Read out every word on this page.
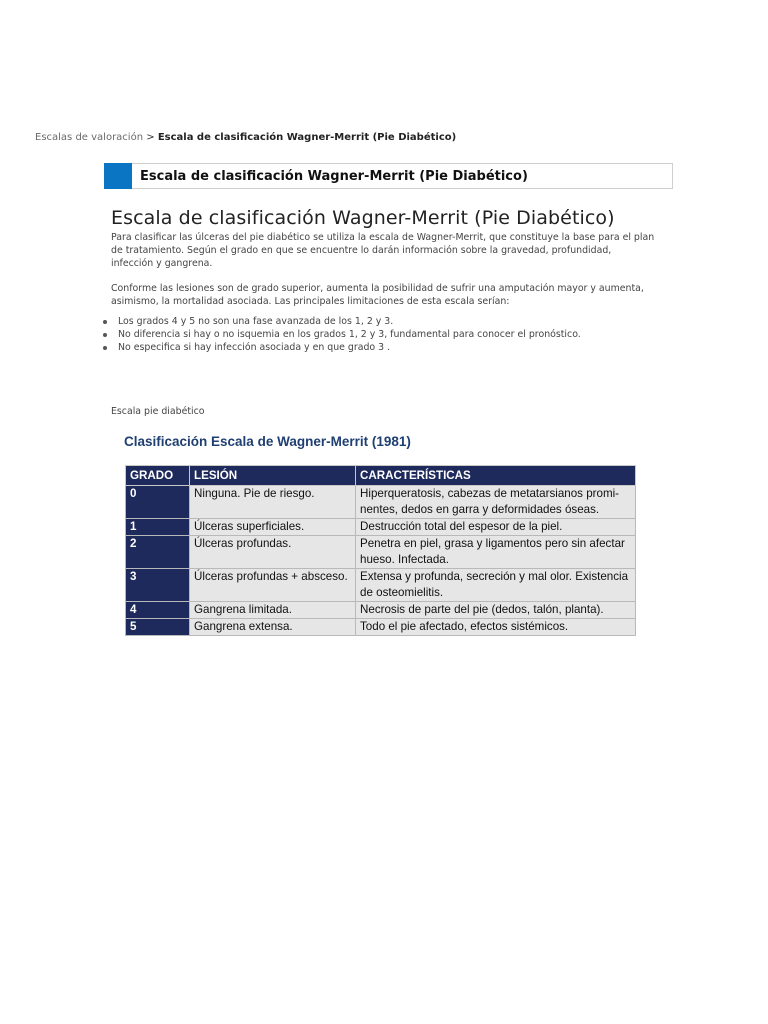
Escalas de valoración > Escala de clasificación Wagner-Merrit (Pie Diabético)
Escala de clasificación Wagner-Merrit (Pie Diabético)
Escala de clasificación Wagner-Merrit (Pie Diabético)

Para clasificar las úlceras del pie diabético se utiliza la escala de Wagner-Merrit, que constituye la base para el plan de tratamiento. Según el grado en que se encuentre lo darán información sobre la gravedad, profundidad, infección y gangrena.

Conforme las lesiones son de grado superior, aumenta la posibilidad de sufrir una amputación mayor y aumenta, asimismo, la mortalidad asociada. Las principales limitaciones de esta escala serían:

Los grados 4 y 5 no son una fase avanzada de los 1, 2 y 3.
No diferencia si hay o no isquemia en los grados 1, 2 y 3, fundamental para conocer el pronóstico.
No especifica si hay infección asociada y en que grado 3 .
Escala pie diabético
Clasificación Escala de Wagner-Merrit (1981)
GRADO	LESIÓN	CARACTERÍSTICAS
0	Ninguna. Pie de riesgo.	Hiperqueratosis, cabezas de metatarsianos promi-nentes, dedos en garra y deformidades óseas.
1	Úlceras superficiales.	Destrucción total del espesor de la piel.
2	Úlceras profundas.	Penetra en piel, grasa y ligamentos pero sin afectar hueso. Infectada.
3	Úlceras profundas + absceso.	Extensa y profunda, secreción y mal olor. Existencia de osteomielitis.
4	Gangrena limitada.	Necrosis de parte del pie (dedos, talón, planta).
5	Gangrena extensa.	Todo el pie afectado, efectos sistémicos.
